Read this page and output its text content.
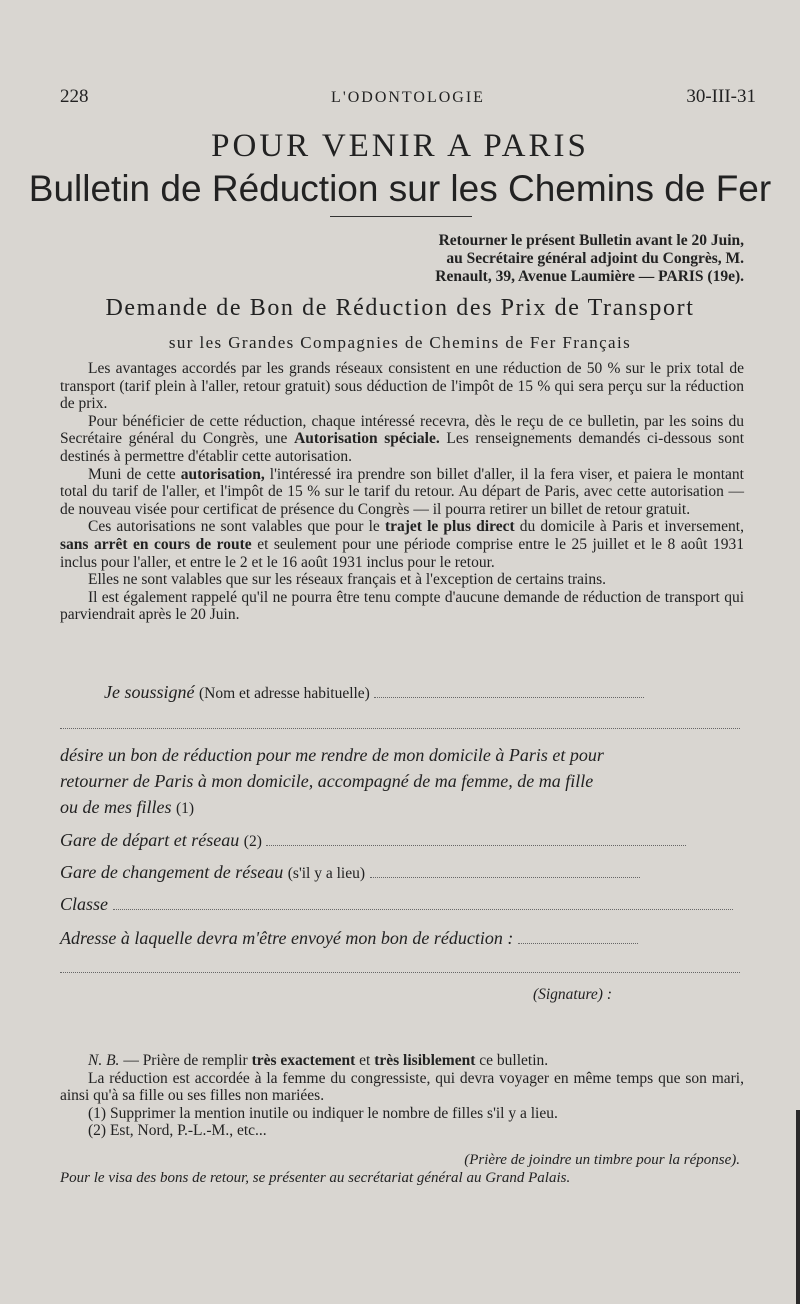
228	L'ODONTOLOGIE	30-III-31
POUR VENIR A PARIS
Bulletin de Réduction sur les Chemins de Fer
Retourner le présent Bulletin avant le 20 Juin,
au Secrétaire général adjoint du Congrès, M.
Renault, 39, Avenue Laumière — PARIS (19e).
Demande de Bon de Réduction des Prix de Transport
sur les Grandes Compagnies de Chemins de Fer Français

Les avantages accordés par les grands réseaux consistent en une réduction de 50 % sur le prix total de transport (tarif plein à l'aller, retour gratuit) sous déduction de l'impôt de 15 % qui sera perçu sur la réduction de prix.

Pour bénéficier de cette réduction, chaque intéressé recevra, dès le reçu de ce bulletin, par les soins du Secrétaire général du Congrès, une Autorisation spéciale. Les renseignements demandés ci-dessous sont destinés à permettre d'établir cette autorisation.

Muni de cette autorisation, l'intéressé ira prendre son billet d'aller, il la fera viser, et paiera le montant total du tarif de l'aller, et l'impôt de 15 % sur le tarif du retour. Au départ de Paris, avec cette autorisation — de nouveau visée pour certificat de présence du Congrès — il pourra retirer un billet de retour gratuit.

Ces autorisations ne sont valables que pour le trajet le plus direct du domicile à Paris et inversement, sans arrêt en cours de route et seulement pour une période comprise entre le 25 juillet et le 8 août 1931 inclus pour l'aller, et entre le 2 et le 16 août 1931 inclus pour le retour.

Elles ne sont valables que sur les réseaux français et à l'exception de certains trains.

Il est également rappelé qu'il ne pourra être tenu compte d'aucune demande de réduction de transport qui parviendrait après le 20 Juin.

Je soussigné (Nom et adresse habituelle)
désire un bon de réduction pour me rendre de mon domicile à Paris et pour
retourner de Paris à mon domicile, accompagné de ma femme, de ma fille
ou de mes filles (1)
Gare de départ et réseau (2)
Gare de changement de réseau (s'il y a lieu)
Classe
Adresse à laquelle devra m'être envoyé mon bon de réduction :
(Signature) :

N. B. — Prière de remplir très exactement et très lisiblement ce bulletin.

La réduction est accordée à la femme du congressiste, qui devra voyager en même temps que son mari, ainsi qu'à sa fille ou ses filles non mariées.

(1) Supprimer la mention inutile ou indiquer le nombre de filles s'il y a lieu.

(2) Est, Nord, P.-L.-M., etc...

(Prière de joindre un timbre pour la réponse).
Pour le visa des bons de retour, se présenter au secrétariat général au Grand Palais.
